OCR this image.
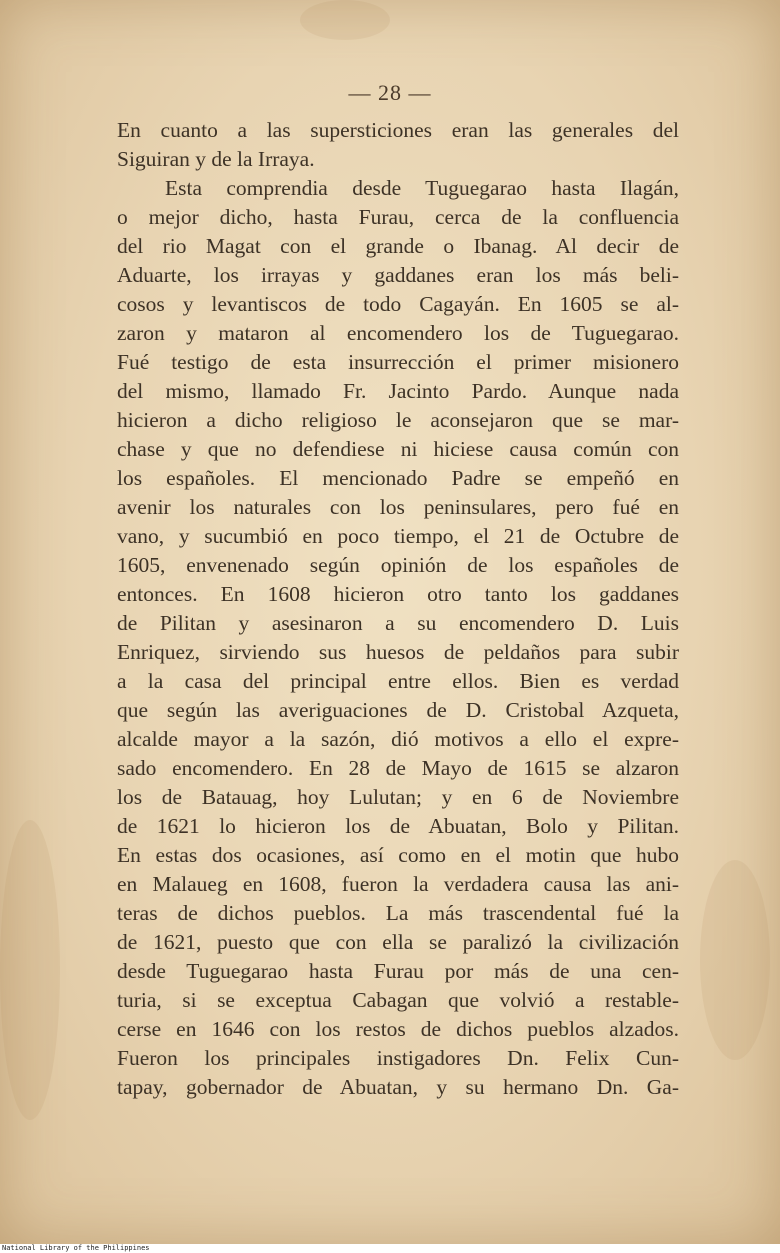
— 28 —
En cuanto a las supersticiones eran las generales del
Siguiran y de la Irraya.
Esta comprendia desde Tuguegarao hasta Ilagán,
o mejor dicho, hasta Furau, cerca de la confluencia
del rio Magat con el grande o Ibanag. Al decir de
Aduarte, los irrayas y gaddanes eran los más beli-
cosos y levantiscos de todo Cagayán. En 1605 se al-
zaron y mataron al encomendero los de Tuguegarao.
Fué testigo de esta insurrección el primer misionero
del mismo, llamado Fr. Jacinto Pardo. Aunque nada
hicieron a dicho religioso le aconsejaron que se mar-
chase y que no defendiese ni hiciese causa común con
los españoles. El mencionado Padre se empeñó en
avenir los naturales con los peninsulares, pero fué en
vano, y sucumbió en poco tiempo, el 21 de Octubre de
1605, envenenado según opinión de los españoles de
entonces. En 1608 hicieron otro tanto los gaddanes
de Pilitan y asesinaron a su encomendero D. Luis
Enriquez, sirviendo sus huesos de peldaños para subir
a la casa del principal entre ellos. Bien es verdad
que según las averiguaciones de D. Cristobal Azqueta,
alcalde mayor a la sazón, dió motivos a ello el expre-
sado encomendero. En 28 de Mayo de 1615 se alzaron
los de Batauag, hoy Lulutan; y en 6 de Noviembre
de 1621 lo hicieron los de Abuatan, Bolo y Pilitan.
En estas dos ocasiones, así como en el motin que hubo
en Malaueg en 1608, fueron la verdadera causa las ani-
teras de dichos pueblos. La más trascendental fué la
de 1621, puesto que con ella se paralizó la civilización
desde Tuguegarao hasta Furau por más de una cen-
turia, si se exceptua Cabagan que volvió a restable-
cerse en 1646 con los restos de dichos pueblos alzados.
Fueron los principales instigadores Dn. Felix Cun-
tapay, gobernador de Abuatan, y su hermano Dn. Ga-
National Library of the Philippines
